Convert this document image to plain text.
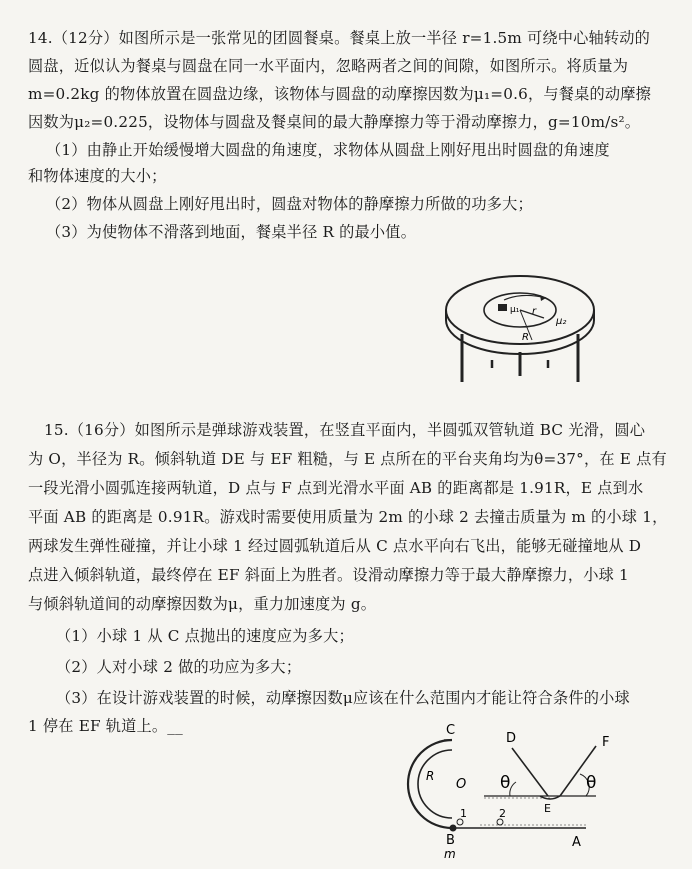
14.（12分）如图所示是一张常见的团圆餐桌。餐桌上放一半径 r=1.5m 可绕中心轴转动的
圆盘，近似认为餐桌与圆盘在同一水平面内，忽略两者之间的间隙，如图所示。将质量为
m=0.2kg 的物体放置在圆盘边缘，该物体与圆盘的动摩擦因数为μ₁=0.6，与餐桌的动摩擦
因数为μ₂=0.225，设物体与圆盘及餐桌间的最大静摩擦力等于滑动摩擦力，g=10m/s²。
（1）由静止开始缓慢增大圆盘的角速度，求物体从圆盘上刚好甩出时圆盘的角速度
和物体速度的大小；
（2）物体从圆盘上刚好甩出时，圆盘对物体的静摩擦力所做的功多大；
（3）为使物体不滑落到地面，餐桌半径 R 的最小值。
μ₁ r
μ₂
R
15.（16分）如图所示是弹球游戏装置，在竖直平面内，半圆弧双管轨道 BC 光滑，圆心
为 O，半径为 R。倾斜轨道 DE 与 EF 粗糙，与 E 点所在的平台夹角均为θ=37°，在 E 点有
一段光滑小圆弧连接两轨道，D 点与 F 点到光滑水平面 AB 的距离都是 1.91R，E 点到水
平面 AB 的距离是 0.91R。游戏时需要使用质量为 2m 的小球 2 去撞击质量为 m 的小球 1，
两球发生弹性碰撞，并让小球 1 经过圆弧轨道后从 C 点水平向右飞出，能够无碰撞地从 D
点进入倾斜轨道，最终停在 EF 斜面上为胜者。设滑动摩擦力等于最大静摩擦力，小球 1
与倾斜轨道间的动摩擦因数为μ，重力加速度为 g。
（1）小球 1 从 C 点抛出的速度应为多大；
（2）人对小球 2 做的功应为多大；
（3）在设计游戏装置的时候，动摩擦因数μ应该在什么范围内才能让符合条件的小球
1 停在 EF 轨道上。__	C
D	F
R
O θ	θ
1	2	E
B	A
m
